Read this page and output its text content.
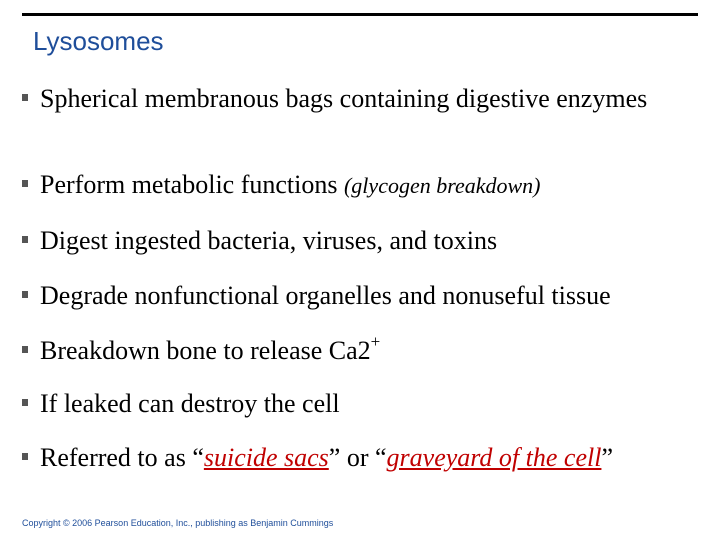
Lysosomes
Spherical membranous bags containing digestive enzymes
Perform metabolic functions (glycogen breakdown)
Digest ingested bacteria, viruses, and toxins
Degrade nonfunctional organelles and nonuseful tissue
Breakdown bone to release Ca2+
If leaked can destroy the cell
Referred to as “suicide sacs” or “graveyard of the cell”
Copyright © 2006 Pearson Education, Inc., publishing as Benjamin Cummings
